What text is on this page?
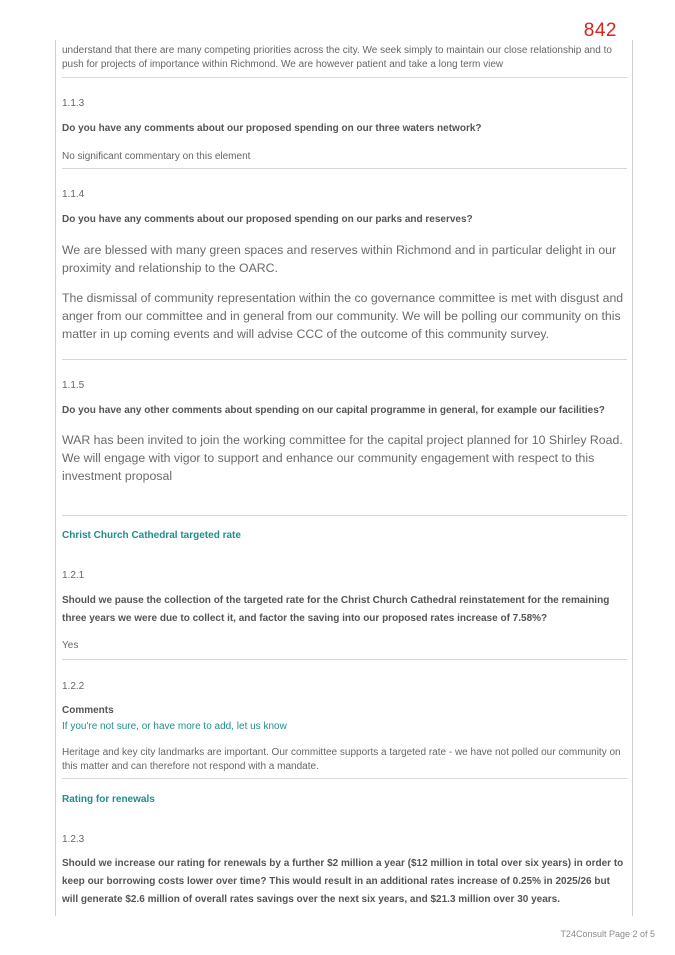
842
understand that there are many competing priorities across the city. We seek simply to maintain our close relationship and to push for projects of importance within Richmond. We are however patient and take a long term view
1.1.3
Do you have any comments about our proposed spending on our three waters network?
No significant commentary on this element
1.1.4
Do you have any comments about our proposed spending on our parks and reserves?
We are blessed with many green spaces and reserves within Richmond and in particular delight in our proximity and relationship to the OARC.
The dismissal of community representation within the co governance committee is met with disgust and anger from our committee and in general from our community. We will be polling our community on this matter in up coming events and will advise CCC of the outcome of this community survey.
1.1.5
Do you have any other comments about spending on our capital programme in general, for example our facilities?
WAR has been invited to join the working committee for the capital project planned for 10 Shirley Road. We will engage with vigor to support and enhance our community engagement with respect to this investment proposal
Christ Church Cathedral targeted rate
1.2.1
Should we pause the collection of the targeted rate for the Christ Church Cathedral reinstatement for the remaining three years we were due to collect it, and factor the saving into our proposed rates increase of 7.58%?
Yes
1.2.2
Comments
If you're not sure, or have more to add, let us know
Heritage and key city landmarks are important. Our committee supports a targeted rate - we have not polled our community on this matter and can therefore not respond with a mandate.
Rating for renewals
1.2.3
Should we increase our rating for renewals by a further $2 million a year ($12 million in total over six years) in order to keep our borrowing costs lower over time? This would result in an additional rates increase of 0.25% in 2025/26 but will generate $2.6 million of overall rates savings over the next six years, and $21.3 million over 30 years.
T24Consult Page 2 of 5
